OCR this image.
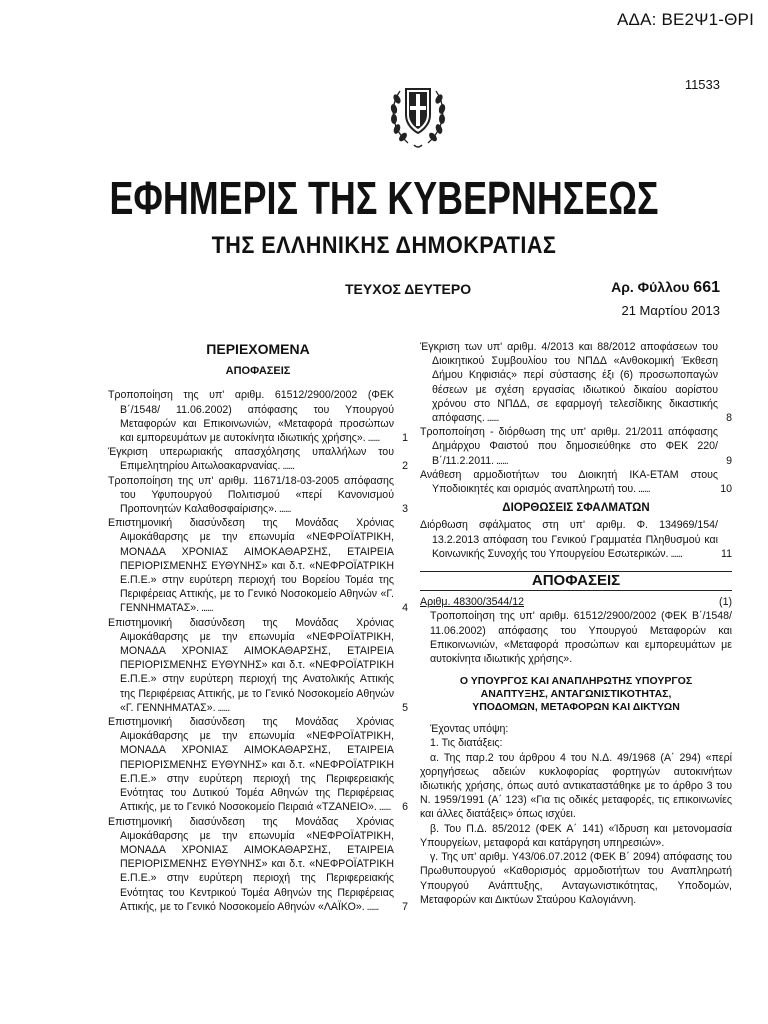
ΑΔΑ: ΒΕ2Ψ1-ΘΡΙ
11533
ΕΦΗΜΕΡΙΣ ΤΗΣ ΚΥΒΕΡΝΗΣΕΩΣ
ΤΗΣ ΕΛΛΗΝΙΚΗΣ ΔΗΜΟΚΡΑΤΙΑΣ
ΤΕΥΧΟΣ ΔΕΥΤΕΡΟ	Αρ. Φύλλου 661
21 Μαρτίου 2013
ΠΕΡΙΕΧΟΜΕΝΑ
ΑΠΟΦΑΣΕΙΣ
Τροποποίηση της υπ' αριθμ. 61512/2900/2002 (ΦΕΚ Β΄/1548/ 11.06.2002) απόφασης του Υπουργού Μεταφορών και Επικοινωνιών, «Μεταφορά προσώπων και εμπορευμάτων με αυτοκίνητα ιδιωτικής χρήσης». ...... 1
Έγκριση υπερωριακής απασχόλησης υπαλλήλων του Επιμελητηρίου Αιτωλοακαρνανίας. ......	2
Τροποποίηση της υπ' αριθμ. 11671/18-03-2005 απόφασης του Υφυπουργού Πολιτισμού «περί Κανονισμού Προπονητών Καλαθοσφαίρισης». ......	3
Επιστημονική διασύνδεση της Μονάδας Χρόνιας Αιμοκάθαρσης με την επωνυμία «ΝΕΦΡΟΪΑΤΡΙΚΗ, ΜΟΝΑΔΑ ΧΡΟΝΙΑΣ ΑΙΜΟΚΑΘΑΡΣΗΣ, ΕΤΑΙΡΕΙΑ ΠΕΡΙΟΡΙΣΜΕΝΗΣ ΕΥΘΥΝΗΣ» και δ.τ. «ΝΕΦΡΟΪΑΤΡΙΚΗ Ε.Π.Ε.» στην ευρύτερη περιοχή του Βορείου Τομέα της Περιφέρειας Αττικής, με το Γενικό Νοσοκομείο Αθηνών «Γ. ΓΕΝΝΗΜΑΤΑΣ». ......	4
Επιστημονική διασύνδεση της Μονάδας Χρόνιας Αιμοκάθαρσης με την επωνυμία «ΝΕΦΡΟΪΑΤΡΙΚΗ, ΜΟΝΑΔΑ ΧΡΟΝΙΑΣ ΑΙΜΟΚΑΘΑΡΣΗΣ, ΕΤΑΙΡΕΙΑ ΠΕΡΙΟΡΙΣΜΕΝΗΣ ΕΥΘΥΝΗΣ» και δ.τ. «ΝΕΦΡΟΪΑΤΡΙΚΗ Ε.Π.Ε.» στην ευρύτερη περιοχή της Ανατολικής Αττικής της Περιφέρειας Αττικής, με το Γενικό Νοσοκομείο Αθηνών «Γ. ΓΕΝΝΗΜΑΤΑΣ». ......	5
Επιστημονική διασύνδεση της Μονάδας Χρόνιας Αιμοκάθαρσης με την επωνυμία «ΝΕΦΡΟΪΑΤΡΙΚΗ, ΜΟΝΑΔΑ ΧΡΟΝΙΑΣ ΑΙΜΟΚΑΘΑΡΣΗΣ, ΕΤΑΙΡΕΙΑ ΠΕΡΙΟΡΙΣΜΕΝΗΣ ΕΥΘΥΝΗΣ» και δ.τ. «ΝΕΦΡΟΪΑΤΡΙΚΗ Ε.Π.Ε.» στην ευρύτερη περιοχή της Περιφερειακής Ενότητας του Δυτικού Τομέα Αθηνών της Περιφέρειας Αττικής, με το Γενικό Νοσοκομείο Πειραιά «ΤΖΑΝΕΙΟ». ...... 6
Επιστημονική διασύνδεση της Μονάδας Χρόνιας Αιμοκάθαρσης με την επωνυμία «ΝΕΦΡΟΪΑΤΡΙΚΗ, ΜΟΝΑΔΑ ΧΡΟΝΙΑΣ ΑΙΜΟΚΑΘΑΡΣΗΣ, ΕΤΑΙΡΕΙΑ ΠΕΡΙΟΡΙΣΜΕΝΗΣ ΕΥΘΥΝΗΣ» και δ.τ. «ΝΕΦΡΟΪΑΤΡΙΚΗ Ε.Π.Ε.» στην ευρύτερη περιοχή της Περιφερειακής Ενότητας του Κεντρικού Τομέα Αθηνών της Περιφέρειας Αττικής, με το Γενικό Νοσοκομείο Αθηνών «ΛΑΪΚΟ». ...... 7
Έγκριση των υπ' αριθμ. 4/2013 και 88/2012 αποφάσεων του Διοικητικού Συμβουλίου του ΝΠΔΔ «Ανθοκομική Έκθεση Δήμου Κηφισιάς» περί σύστασης έξι (6) προσωποπαγών θέσεων με σχέση εργασίας ιδιωτικού δικαίου αορίστου χρόνου στο ΝΠΔΔ, σε εφαρμογή τελεσίδικης δικαστικής απόφασης. ......	8
Τροποποίηση - διόρθωση της υπ' αριθμ. 21/2011 απόφασης Δημάρχου Φαιστού που δημοσιεύθηκε στο ΦΕΚ 220/Β΄/11.2.2011. ......	9
Ανάθεση αρμοδιοτήτων του Διοικητή ΙΚΑ-ΕΤΑΜ στους Υποδιοικητές και ορισμός αναπληρωτή του. ......	10
ΔΙΟΡΘΩΣΕΙΣ ΣΦΑΛΜΑΤΩΝ
Διόρθωση σφάλματος στη υπ' αριθμ. Φ. 134969/154/ 13.2.2013 απόφαση του Γενικού Γραμματέα Πληθυσμού και Κοινωνικής Συνοχής του Υπουργείου Εσωτερικών. ......	11
ΑΠΟΦΑΣΕΙΣ
Αριθμ. 48300/3544/12	(1)
Τροποποίηση της υπ' αριθμ. 61512/2900/2002 (ΦΕΚ Β΄/1548/ 11.06.2002) απόφασης του Υπουργού Μεταφορών και Επικοινωνιών, «Μεταφορά προσώπων και εμπορευμάτων με αυτοκίνητα ιδιωτικής χρήσης».
Ο ΥΠΟΥΡΓΟΣ ΚΑΙ ΑΝΑΠΛΗΡΩΤΗΣ ΥΠΟΥΡΓΟΣ
ΑΝΑΠΤΥΞΗΣ, ΑΝΤΑΓΩΝΙΣΤΙΚΟΤΗΤΑΣ,
ΥΠΟΔΟΜΩΝ, ΜΕΤΑΦΟΡΩΝ ΚΑΙ ΔΙΚΤΥΩΝ
Έχοντας υπόψη:
1. Τις διατάξεις:
α. Της παρ.2 του άρθρου 4 του Ν.Δ. 49/1968 (Α΄ 294) «περί χορηγήσεως αδειών κυκλοφορίας φορτηγών αυτοκινήτων ιδιωτικής χρήσης, όπως αυτό αντικαταστάθηκε με το άρθρο 3 του Ν. 1959/1991 (Α΄ 123) «Για τις οδικές μεταφορές, τις επικοινωνίες και άλλες διατάξεις» όπως ισχύει.
β. Του Π.Δ. 85/2012 (ΦΕΚ Α΄ 141) «Ίδρυση και μετονομασία Υπουργείων, μεταφορά και κατάργηση υπηρεσιών».
γ. Της υπ' αριθμ. Υ43/06.07.2012 (ΦΕΚ Β΄ 2094) απόφασης του Πρωθυπουργού «Καθορισμός αρμοδιοτήτων του Αναπληρωτή Υπουργού Ανάπτυξης, Ανταγωνιστικότητας, Υποδομών, Μεταφορών και Δικτύων Σταύρου Καλογιάννη.
